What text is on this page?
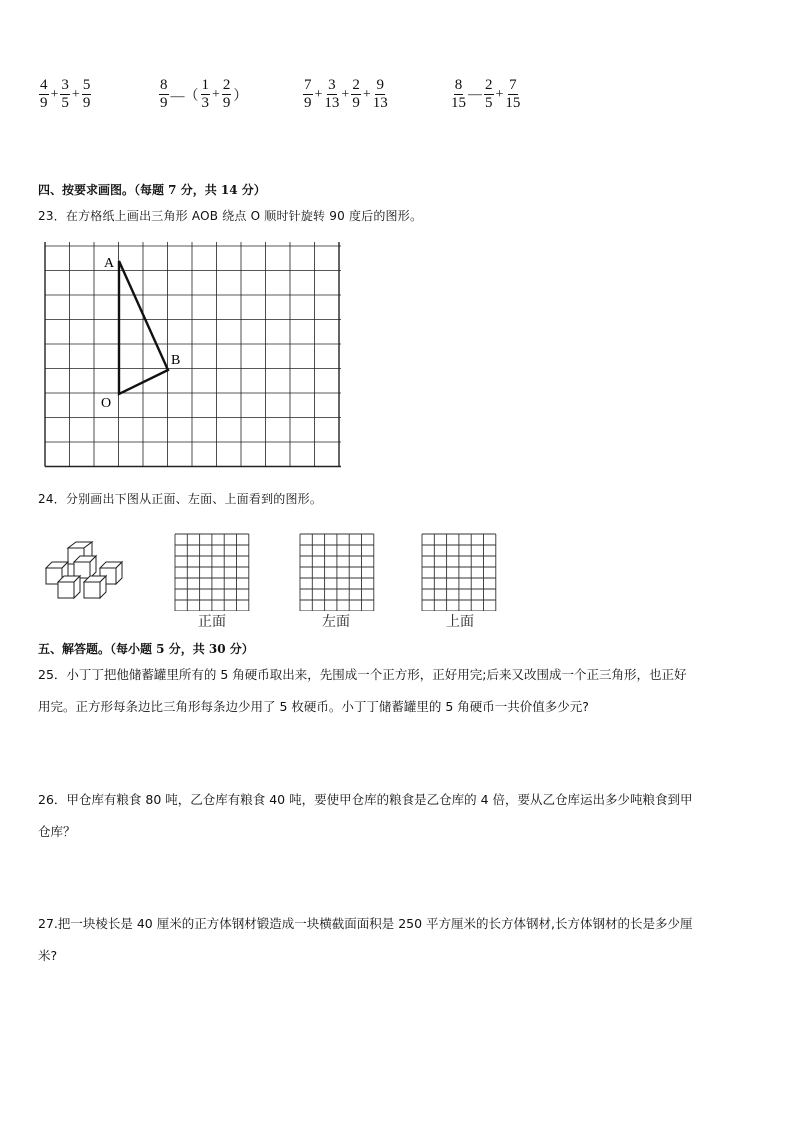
$\frac{4}{9} + \frac{3}{5} + \frac{5}{9}$	$\frac{8}{9}$ —（ $\frac{1}{3} + \frac{2}{9}$ ）	$\frac{7}{9} + \frac{3}{13} + \frac{2}{9} + \frac{9}{13}$	$\frac{8}{15}$ — $\frac{2}{5} + \frac{7}{15}$
四、按要求画图。（每题 7 分，共 14 分）
23．在方格纸上画出三角形 AOB 绕点 O 顺时针旋转 90 度后的图形。
A
B
O
24．分别画出下图从正面、左面、上面看到的图形。
正面	左面	上面
五、解答题。（每小题 5 分，共 30 分）
25．小丁丁把他储蓄罐里所有的 5 角硬币取出来，先围成一个正方形，正好用完;后来又改围成一个正三角形，也正好
用完。正方形每条边比三角形每条边少用了 5 枚硬币。小丁丁储蓄罐里的 5 角硬币一共价值多少元?
26．甲仓库有粮食 80 吨，乙仓库有粮食 40 吨，要使甲仓库的粮食是乙仓库的 4 倍，要从乙仓库运出多少吨粮食到甲
仓库？
27.把一块棱长是 40 厘米的正方体钢材锻造成一块横截面面积是 250 平方厘米的长方体钢材,长方体钢材的长是多少厘
米?
